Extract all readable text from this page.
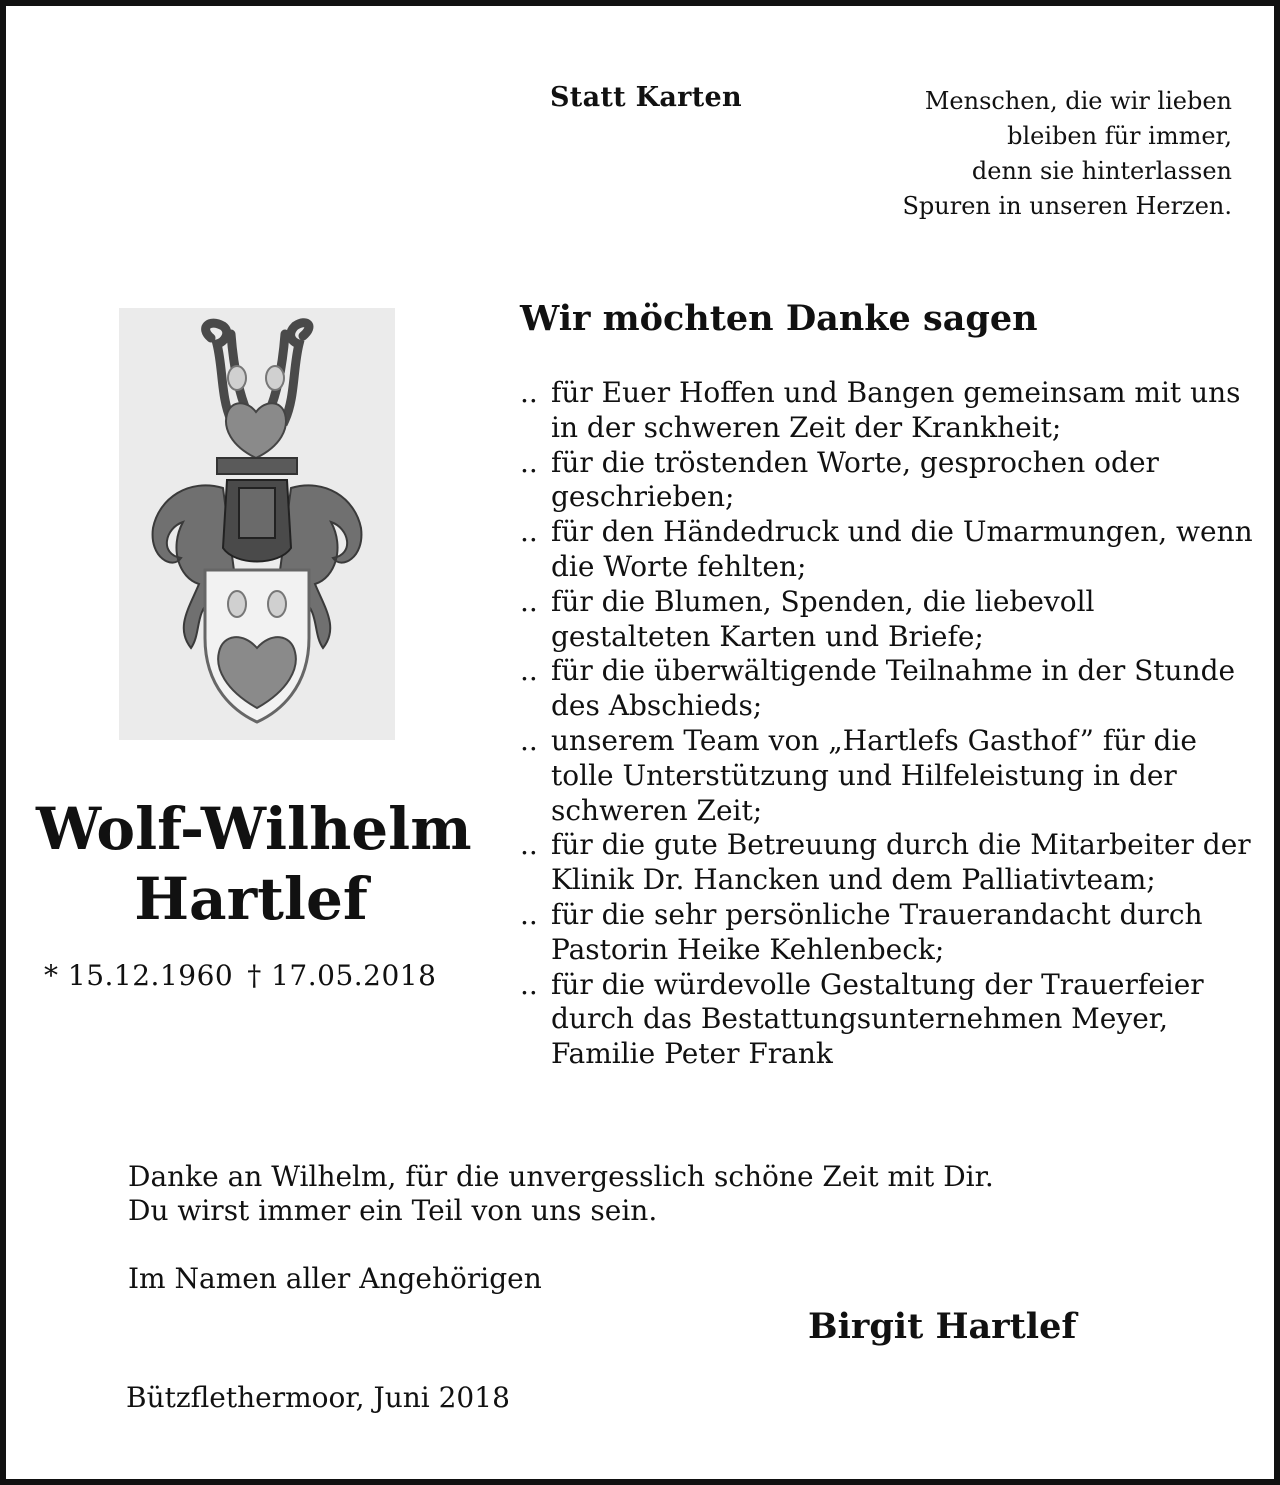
Statt Karten	Menschen, die wir lieben
bleiben für immer,
denn sie hinterlassen
Spuren in unseren Herzen.
Wolf-Wilhelm
Hartlef
* 15.12.1960 † 17.05.2018
Wir möchten Danke sagen
.. für Euer Hoffen und Bangen gemeinsam mit uns in der schweren Zeit der Krankheit;
.. für die tröstenden Worte, gesprochen oder geschrieben;
.. für den Händedruck und die Umarmungen, wenn die Worte fehlten;
.. für die Blumen, Spenden, die liebevoll gestalteten Karten und Briefe;
.. für die überwältigende Teilnahme in der Stunde des Abschieds;
.. unserem Team von „Hartlefs Gasthof” für die tolle Unterstützung und Hilfeleistung in der schweren Zeit;
.. für die gute Betreuung durch die Mitarbeiter der Klinik Dr. Hancken und dem Palliativteam;
.. für die sehr persönliche Trauerandacht durch Pastorin Heike Kehlenbeck;
.. für die würdevolle Gestaltung der Trauerfeier durch das Bestattungsunternehmen Meyer, Familie Peter Frank
Danke an Wilhelm, für die unvergesslich schöne Zeit mit Dir.
Du wirst immer ein Teil von uns sein.
Im Namen aller Angehörigen
Birgit Hartlef
Bützflethermoor, Juni 2018
